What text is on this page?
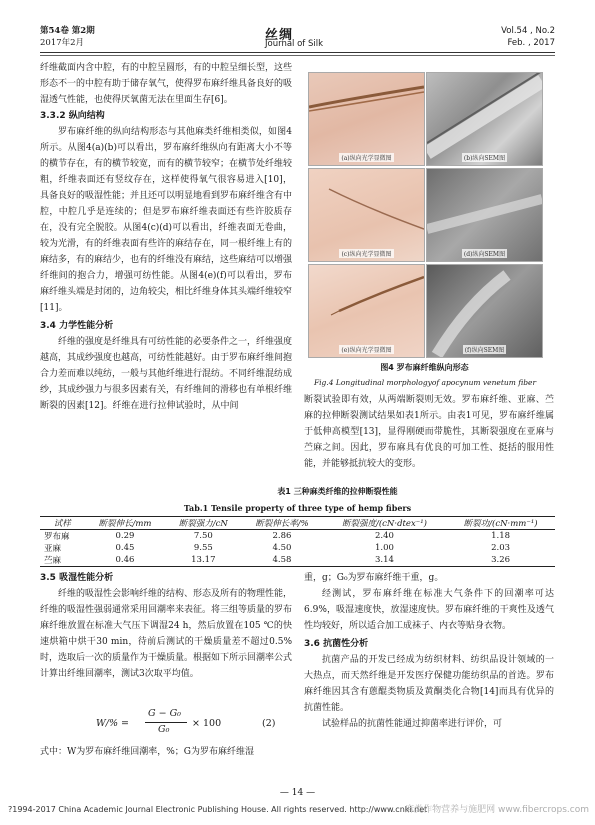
第54卷 第2期
2017年2月	丝绸
Journal of Silk
Vol.54 , No.2
Feb. , 2017

纤维截面内含中腔，有的中腔呈圆形，有的中腔呈细长型，这些形态不一的中腔有助于储存氧气，使得罗布麻纤维具备良好的吸湿透气性能，也使得厌氧菌无法在里面生存[6]。

3.3.2 纵向结构

罗布麻纤维的纵向结构形态与其他麻类纤维相类似，如图4所示。从图4(a)(b)可以看出，罗布麻纤维纵向有距离大小不等的横节存在，有的横节较宽，而有的横节较窄；在横节处纤维较粗，纤维表面还有竖纹存在，这样使得氧气很容易进入[10]，具备良好的吸湿性能；并且还可以明显地看到罗布麻纤维含有中腔，中腔几乎是连续的；但是罗布麻纤维表面还有些许胶质存在，没有完全脱胶。从图4(c)(d)可以看出，纤维表面无卷曲，较为光滑，有的纤维表面有些许的麻结存在，同一根纤维上有的麻结多，有的麻结少，也有的纤维没有麻结，这些麻结可以增强纤维间的抱合力，增强可纺性能。从图4(e)(f)可以看出，罗布麻纤维头端是封闭的，边角较尖，相比纤维身体其头端纤维较窄[11]。

3.4 力学性能分析

纤维的强度是纤维具有可纺性能的必要条件之一，纤维强度越高，其成纱强度也越高，可纺性能越好。由于罗布麻纤维间抱合力差而难以纯纺，一般与其他纤维进行混纺。不同纤维混纺成纱，其成纱强力与很多因素有关，有纤维间的滑移也有单根纤维断裂的因素[12]。纤维在进行拉伸试验时，从中间

(a)纵向光学显微图	(b)纵向SEM图
(c)纵向光学显微图	(d)纵向SEM图
(e)纵向光学显微图	(f)纵向SEM图
图4 罗布麻纤维纵向形态
Fig.4 Longitudinal morphologyof apocynum venetum fiber

断裂试验即有效，从两端断裂则无效。罗布麻纤维、亚麻、苎麻的拉伸断裂测试结果如表1所示。由表1可见，罗布麻纤维属于低伸高模型[13]，显得刚硬而带脆性，其断裂强度在亚麻与苎麻之间。因此，罗布麻具有优良的可加工性、挺括的服用性能，并能够抵抗较大的变形。

表1 三种麻类纤维的拉伸断裂性能
Tab.1 Tensile property of three type of hemp fibers
试样	断裂伸长/mm	断裂强力/cN	断裂伸长率/%	断裂强度/(cN·dtex⁻¹)	断裂功/(cN·mm⁻¹)
罗布麻	0.29	7.50	2.86	2.40	1.18
亚麻	0.45	9.55	4.50	1.00	2.03
苎麻	0.46	13.17	4.58	3.14	3.26

3.5 吸湿性能分析

纤维的吸湿性会影响纤维的结构、形态及所有的物理性能，纤维的吸湿性强弱通常采用回潮率来表征。将三组等质量的罗布麻纤维放置在标准大气压下调湿24 h，然后放置在105 ℃的快速烘箱中烘干30 min，待前后测试的干燥质量差不超过0.5%时，选取后一次的质量作为干燥质量。根据如下所示回潮率公式计算出纤维回潮率，测试3次取平均值。

W/% =
G − G₀
G₀
× 100	(2)

式中：W为罗布麻纤维回潮率，%；G为罗布麻纤维湿

重，g；G₀为罗布麻纤维干重，g。

经测试，罗布麻纤维在标准大气条件下的回潮率可达6.9%，吸湿速度快，放湿速度快。罗布麻纤维的干爽性及透气性均较好，所以适合加工成袜子、内衣等贴身衣物。

3.6 抗菌性分析

抗菌产品的开发已经成为纺织材料、纺织品设计领域的一大热点，而天然纤维是开发医疗保健功能纺织品的首选。罗布麻纤维因其含有蒽醌类物质及黄酮类化合物[14]而具有优异的抗菌性能。

试验样品的抗菌性能通过抑菌率进行评价，可

— 14 —
?1994-2017 China Academic Journal Electronic Publishing House. All rights reserved. http://www.cnki.net
麻类作物营养与施肥网 www.fibercrops.com
